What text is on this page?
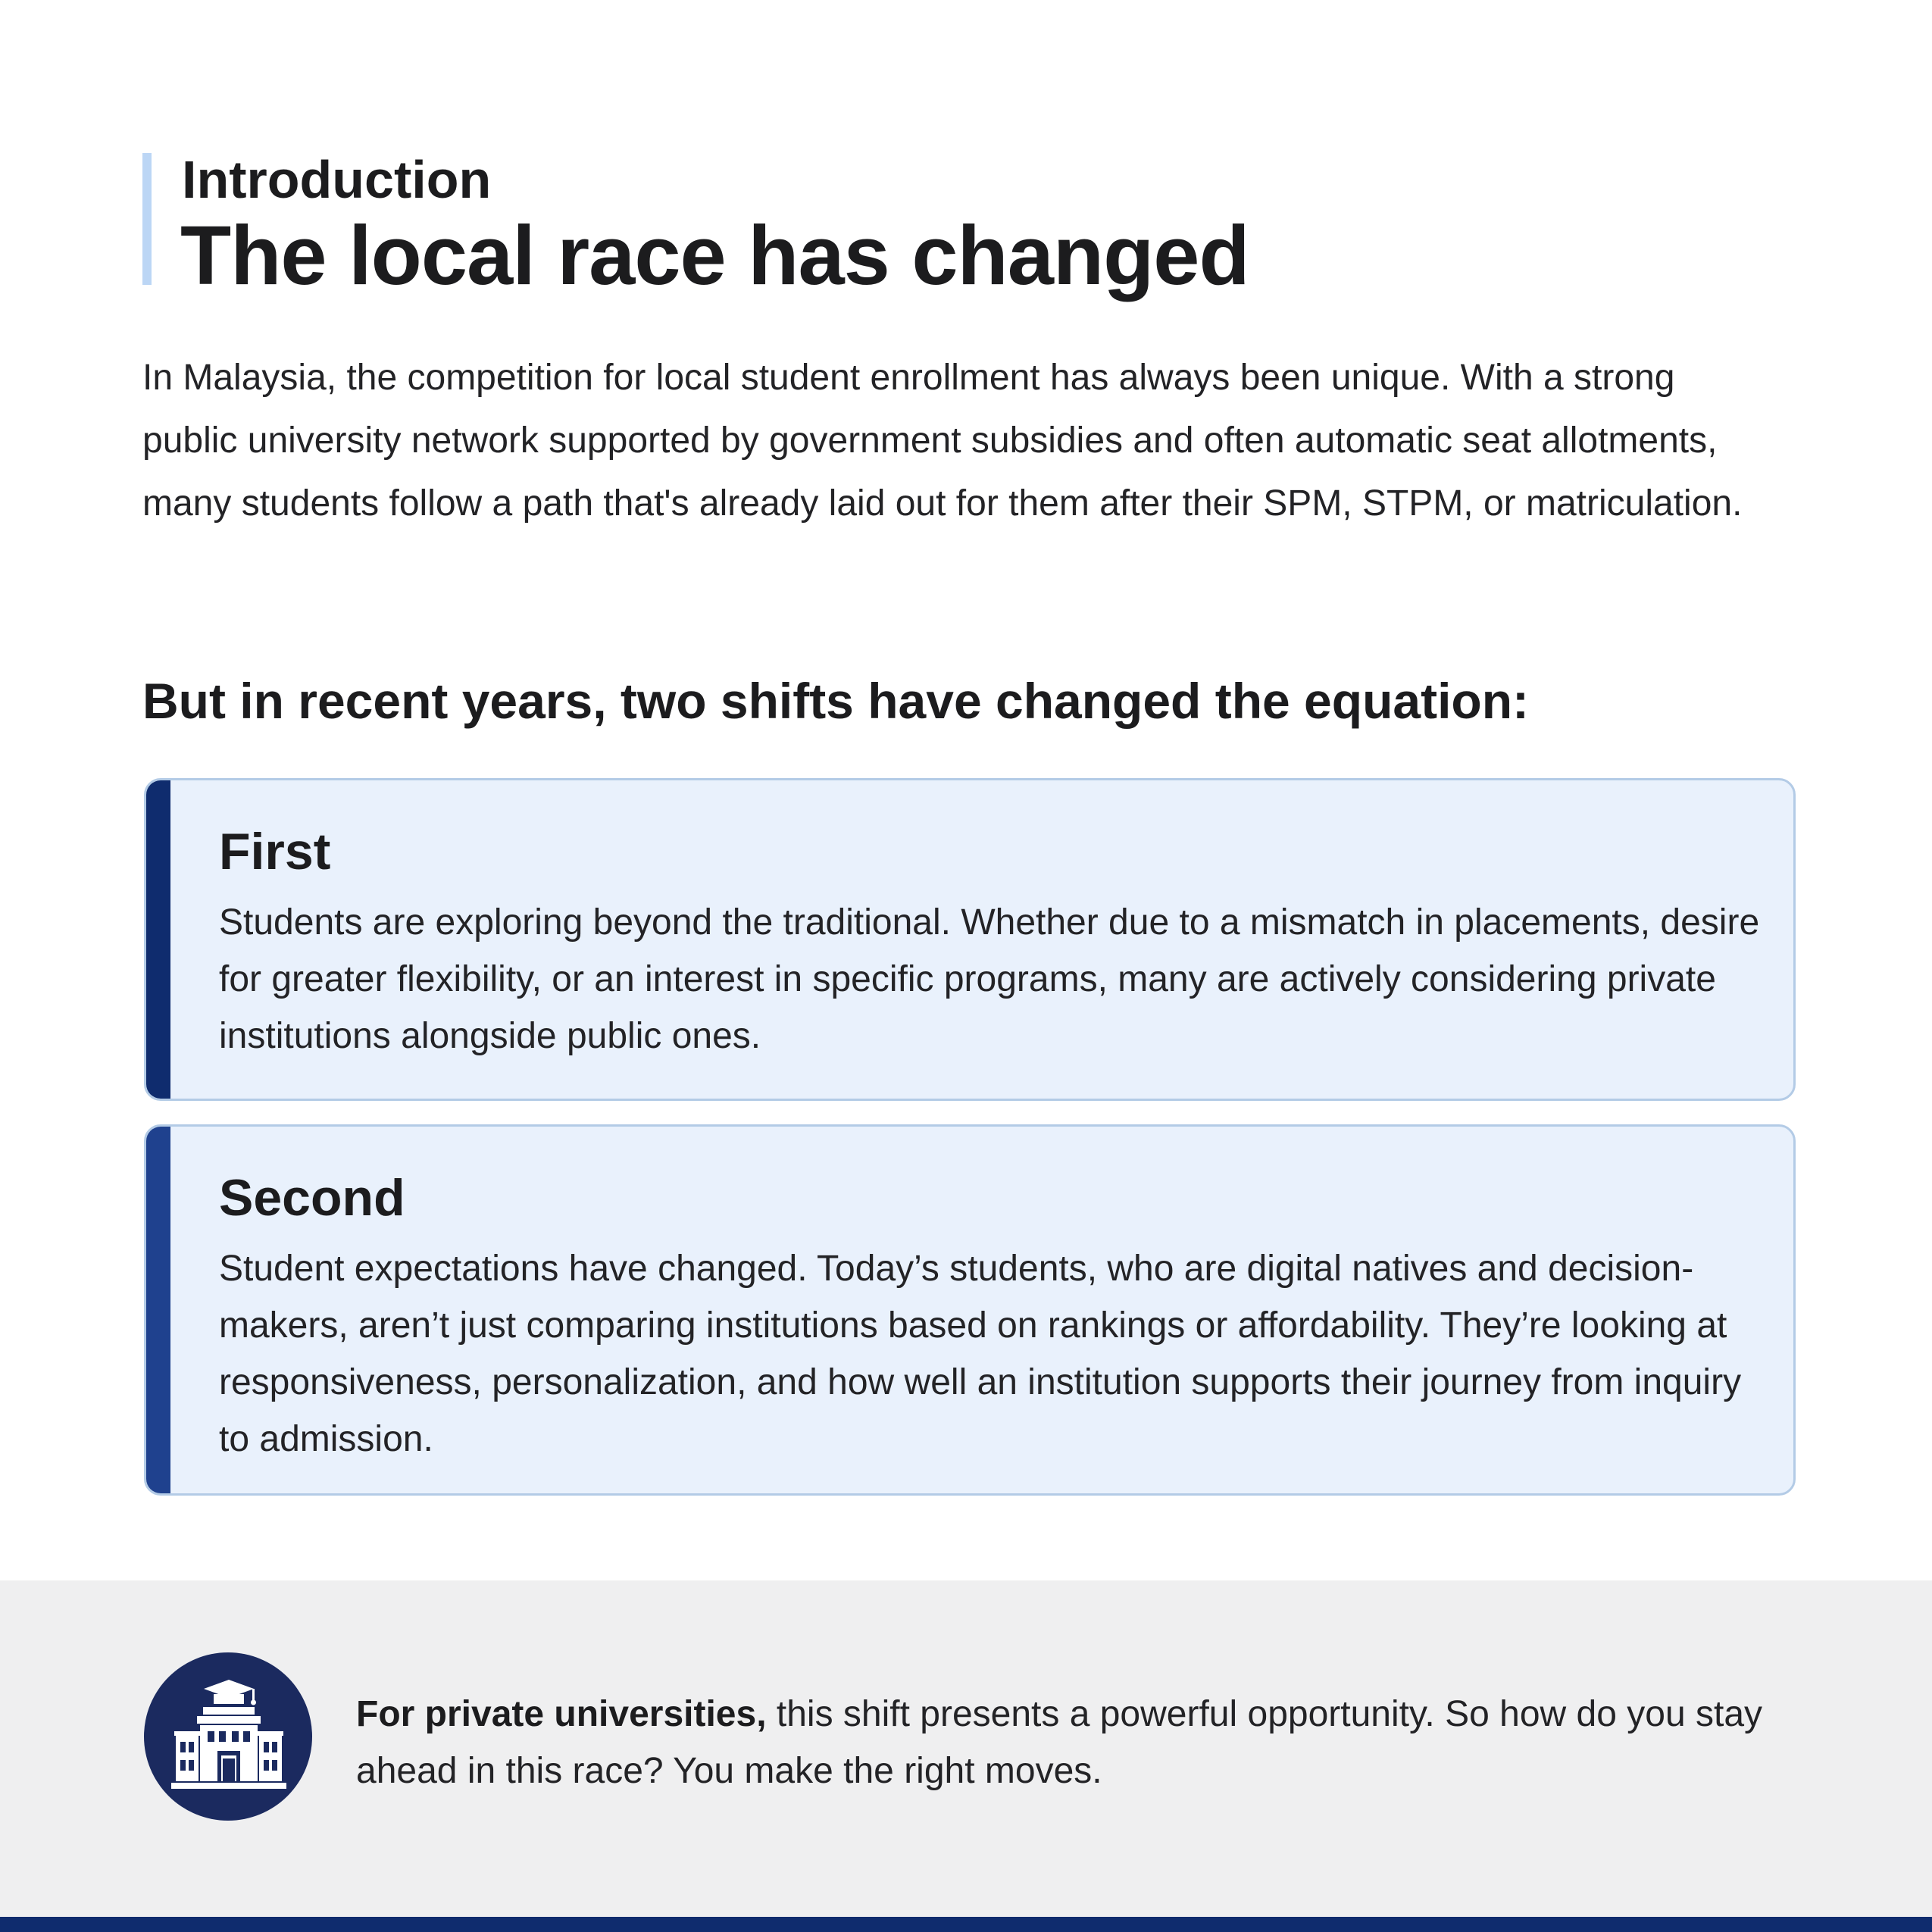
Introduction
The local race has changed

In Malaysia, the competition for local student enrollment has always been unique. With a strong public university network supported by government subsidies and often automatic seat allotments, many students follow a path that's already laid out for them after their SPM, STPM, or matriculation.

But in recent years, two shifts have changed the equation:
First

Students are exploring beyond the traditional. Whether due to a mismatch in placements, desire for greater flexibility, or an interest in specific programs, many are actively considering private institutions alongside public ones.

Second

Student expectations have changed. Today’s students, who are digital natives and decision-makers, aren’t just comparing institutions based on rankings or affordability. They’re looking at responsiveness, personalization, and how well an institution supports their journey from inquiry to admission.

For private universities, this shift presents a powerful opportunity. So how do you stay ahead in this race? You make the right moves.
